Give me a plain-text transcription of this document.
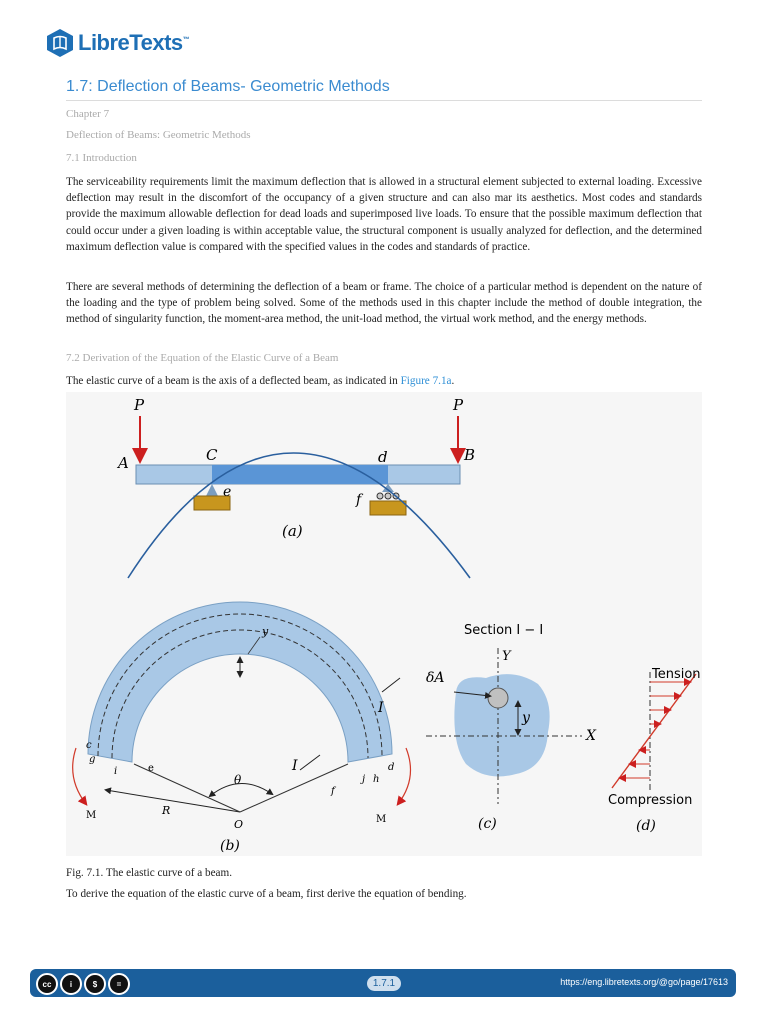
LibreTexts™
1.7: Deflection of Beams- Geometric Methods
Chapter 7
Deflection of Beams: Geometric Methods
7.1 Introduction

The serviceability requirements limit the maximum deflection that is allowed in a structural element subjected to external loading. Excessive deflection may result in the discomfort of the occupancy of a given structure and can also mar its aesthetics. Most codes and standards provide the maximum allowable deflection for dead loads and superimposed live loads. To ensure that the possible maximum deflection that could occur under a given loading is within acceptable value, the structural component is usually analyzed for deflection, and the determined maximum deflection value is compared with the specified values in the codes and standards of practice.

There are several methods of determining the deflection of a beam or frame. The choice of a particular method is dependent on the nature of the loading and the type of problem being solved. Some of the methods used in this chapter include the method of double integration, the method of singularity function, the moment-area method, the unit-load method, the virtual work method, and the energy methods.

7.2 Derivation of the Equation of the Elastic Curve of a Beam

The elastic curve of a beam is the axis of a deflected beam, as indicated in Figure 7.1a.

P	P
A	B
C	d
e	f
(a)
y
g
i
c
e
θ
R
O
f
j h
d
I
I
M	M
(b)
Section I − I
Y
X
δA
y
(c)
Tension
Compression
(d)

Fig. 7.1. The elastic curve of a beam.

To derive the equation of the elastic curve of a beam, first derive the equation of bending.

cc	i	$	=	1.7.1	https://eng.libretexts.org/@go/page/17613
